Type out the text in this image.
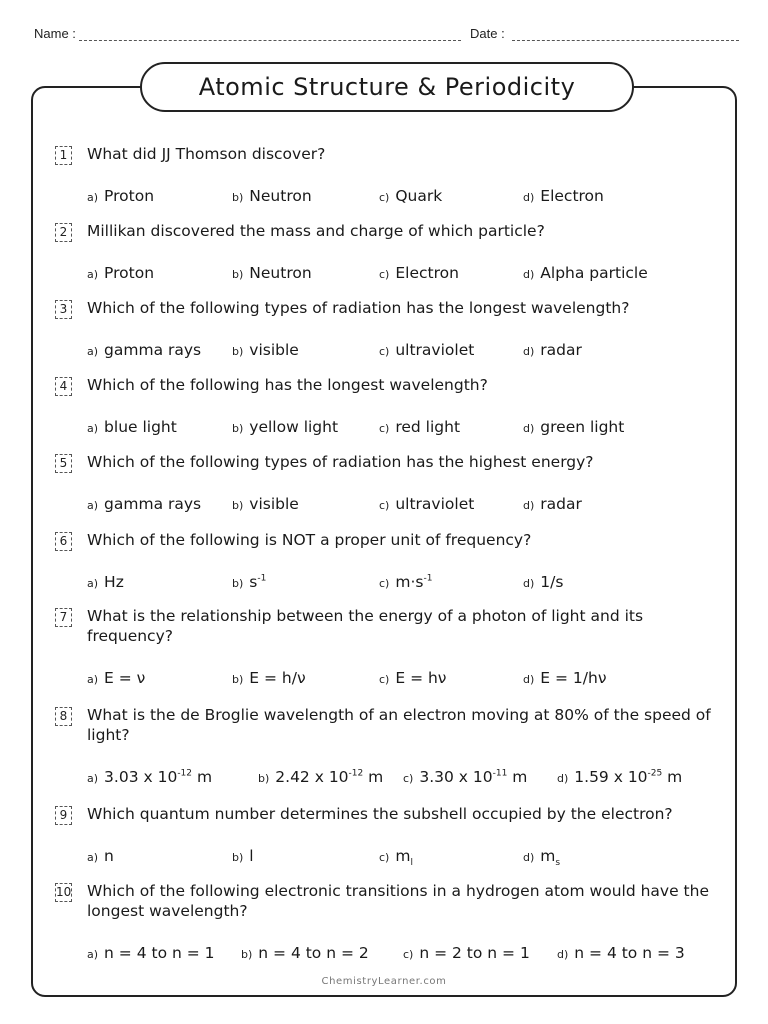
Name :	Date :
Atomic Structure & Periodicity
1	What did JJ Thomson discover?
a) Proton	b) Neutron	c) Quark	d) Electron
2	Millikan discovered the mass and charge of which particle?
a) Proton	b) Neutron	c) Electron	d) Alpha particle
3	Which of the following types of radiation has the longest wavelength?
a) gamma rays	b) visible	c) ultraviolet	d) radar
4	Which of the following has the longest wavelength?
a) blue light	b) yellow light	c) red light	d) green light
5	Which of the following types of radiation has the highest energy?
a) gamma rays	b) visible	c) ultraviolet	d) radar
6	Which of the following is NOT a proper unit of frequency?
a) Hz	b) $s^{-1}$	c) $m\cdot s^{-1}$	d) 1/s
7	What is the relationship between the energy of a photon of light and its frequency?
a) E = ν	b) E = h/ν	c) E = hν	d) E = 1/hν
8	What is the de Broglie wavelength of an electron moving at 80% of the speed of light?
a) 3.03 x $10^{-12}$ m	b) 2.42 x $10^{-12}$ m c) 3.30 x $10^{-11}$ m	d) 1.59 x $10^{-25}$ m
9	Which quantum number determines the subshell occupied by the electron?
a) n	b) l	c) $m_l$	d) $m_s$
10 Which of the following electronic transitions in a hydrogen atom would have the longest wavelength?
a) n = 4 to n = 1 b) n = 4 to n = 2	c) n = 2 to n = 1 d) n = 4 to n = 3
ChemistryLearner.com
